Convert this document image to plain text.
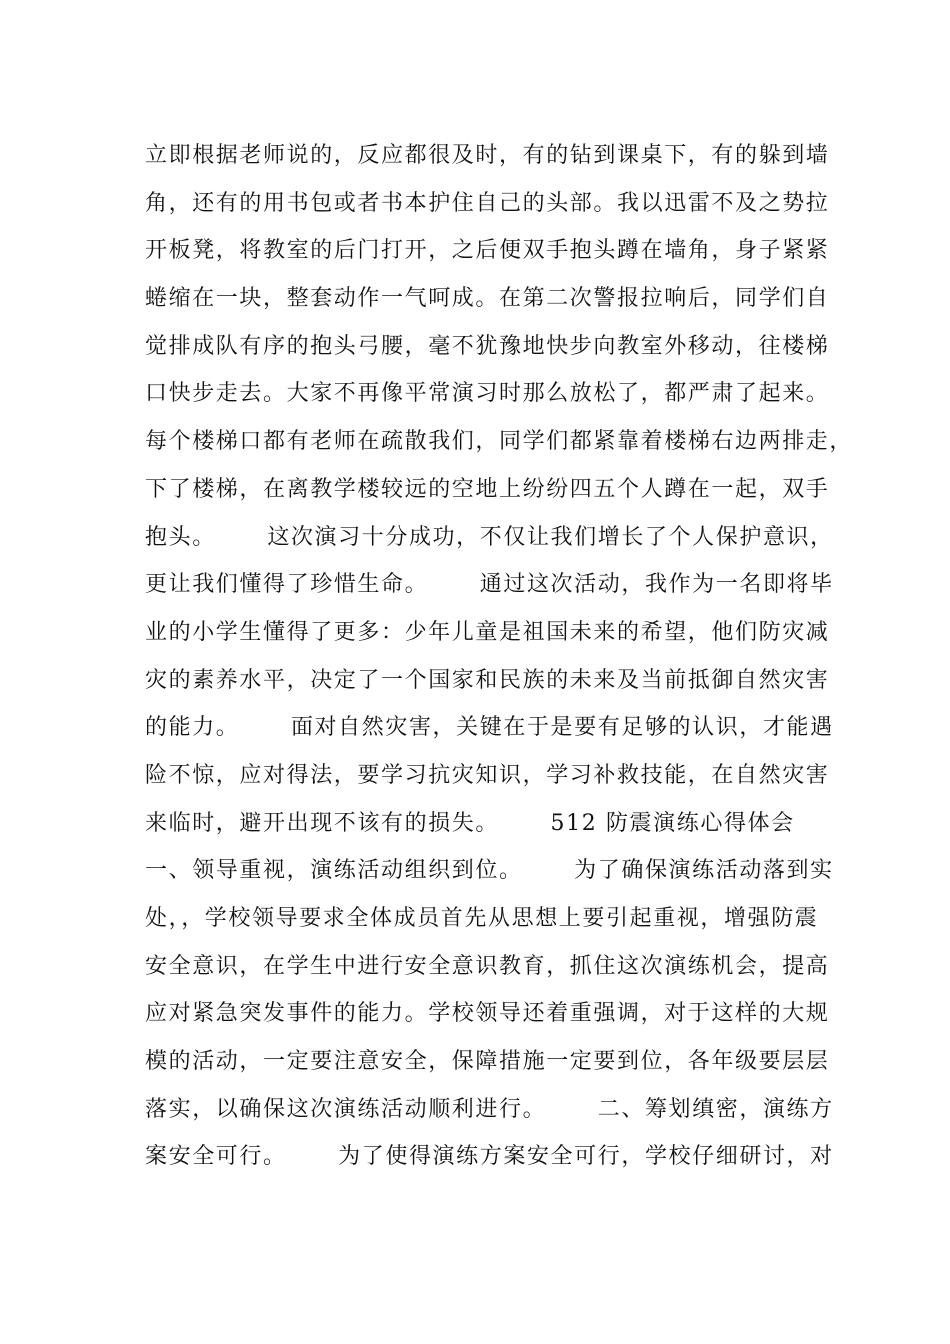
立即根据老师说的，反应都很及时，有的钻到课桌下，有的躲到墙
角，还有的用书包或者书本护住自己的头部。我以迅雷不及之势拉
开板凳，将教室的后门打开，之后便双手抱头蹲在墙角，身子紧紧
蜷缩在一块，整套动作一气呵成。在第二次警报拉响后，同学们自
觉排成队有序的抱头弓腰，毫不犹豫地快步向教室外移动，往楼梯
口快步走去。大家不再像平常演习时那么放松了，都严肃了起来。
每个楼梯口都有老师在疏散我们，同学们都紧靠着楼梯右边两排走，
下了楼梯，在离教学楼较远的空地上纷纷四五个人蹲在一起，双手
抱头。      这次演习十分成功，不仅让我们增长了个人保护意识，
更让我们懂得了珍惜生命。      通过这次活动，我作为一名即将毕
业的小学生懂得了更多：少年儿童是祖国未来的希望，他们防灾减
灾的素养水平，决定了一个国家和民族的未来及当前抵御自然灾害
的能力。      面对自然灾害，关键在于是要有足够的认识，才能遇
险不惊，应对得法，要学习抗灾知识，学习补救技能，在自然灾害
来临时，避开出现不该有的损失。      512 防震演练心得体会
一、领导重视，演练活动组织到位。      为了确保演练活动落到实
处，，学校领导要求全体成员首先从思想上要引起重视，增强防震
安全意识，在学生中进行安全意识教育，抓住这次演练机会，提高
应对紧急突发事件的能力。学校领导还着重强调，对于这样的大规
模的活动，一定要注意安全，保障措施一定要到位，各年级要层层
落实，以确保这次演练活动顺利进行。      二、筹划缜密，演练方
案安全可行。      为了使得演练方案安全可行，学校仔细研讨，对
